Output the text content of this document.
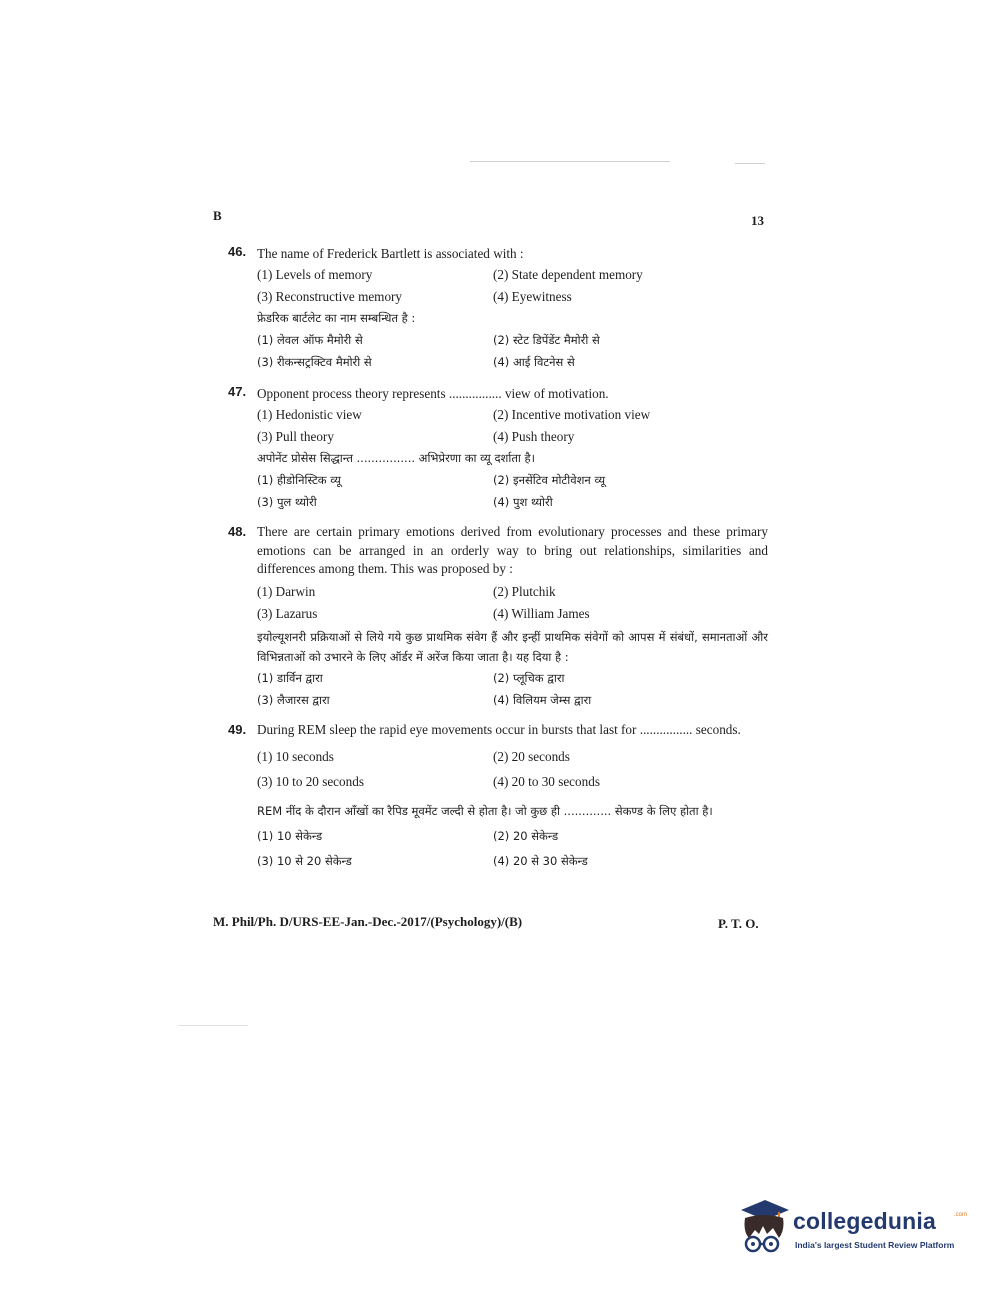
B	13
46. The name of Frederick Bartlett is associated with :
(1) Levels of memory	(2) State dependent memory
(3) Reconstructive memory	(4) Eyewitness
फ्रेडरिक बार्टलेट का नाम सम्बन्धित है :
(1) लेवल ऑफ मैमोरी से	(2) स्टेट डिपेंडेंट मैमोरी से
(3) रीकन्सट्रक्टिव मैमोरी से	(4) आई विटनेस से
47. Opponent process theory represents ................ view of motivation.
(1) Hedonistic view	(2) Incentive motivation view
(3) Pull theory	(4) Push theory
अपोनेंट प्रोसेस सिद्धान्त ................ अभिप्रेरणा का व्यू दर्शाता है।
(1) हीडोनिस्टिक व्यू	(2) इनसेंटिव मोटीवेशन व्यू
(3) पुल थ्योरी	(4) पुश थ्योरी
48. There are certain primary emotions derived from evolutionary processes and these primary emotions can be arranged in an orderly way to bring out relationships, similarities and differences among them. This was proposed by :
(1) Darwin	(2) Plutchik
(3) Lazarus	(4) William James
इयोल्यूशनरी प्रक्रियाओं से लिये गये कुछ प्राथमिक संवेग हैं और इन्हीं प्राथमिक संवेगों को आपस में संबंधों, समानताओं और विभिन्नताओं को उभारने के लिए ऑर्डर में अरेंज किया जाता है। यह दिया है :
(1) डार्विन द्वारा	(2) प्लूचिक द्वारा
(3) लैजारस द्वारा	(4) विलियम जेम्स द्वारा
49. During REM sleep the rapid eye movements occur in bursts that last for ................ seconds.
(1) 10 seconds	(2) 20 seconds
(3) 10 to 20 seconds	(4) 20 to 30 seconds
REM नींद के दौरान आँखों का रैपिड मूवमेंट जल्दी से होता है। जो कुछ ही ............. सेकण्ड के लिए होता है।
(1) 10 सेकेन्ड	(2) 20 सेकेन्ड
(3) 10 से 20 सेकेन्ड	(4) 20 से 30 सेकेन्ड
M. Phil/Ph. D/URS-EE-Jan.-Dec.-2017/(Psychology)/(B)	P. T. O.
collegedunia	.com
India's largest Student Review Platform
